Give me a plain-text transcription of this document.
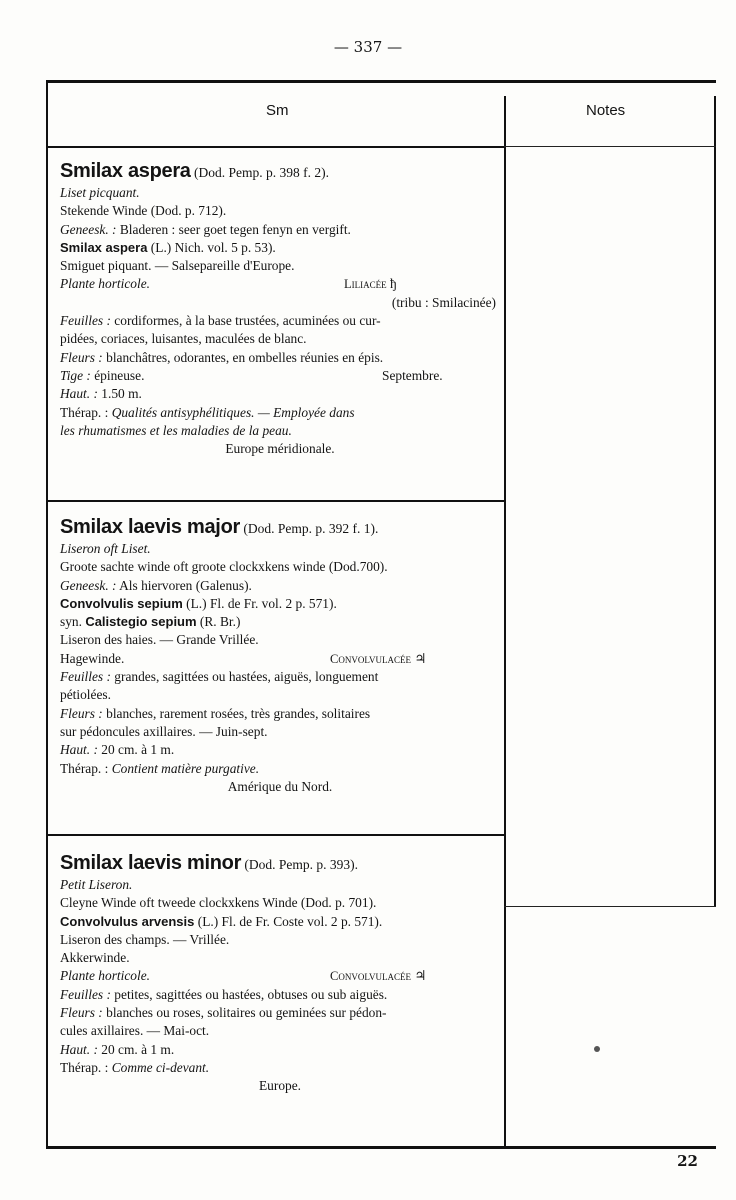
— 337 —
Sm	Notes
Smilax aspera (Dod. Pemp. p. 398 f. 2).
Liset picquant.
Stekende Winde (Dod. p. 712).
Geneesk. : Bladeren : seer goet tegen fenyn en vergift.
Smilax aspera (L.) Nich. vol. 5 p. 53).
Smiguet piquant. — Salsepareille d'Europe.
Plante horticole.	Liliacée ђ
(tribu : Smilacinée)
Feuilles : cordiformes, à la base trustées, acuminées ou cur-
pidées, coriaces, luisantes, maculées de blanc.
Fleurs : blanchâtres, odorantes, en ombelles réunies en épis.
Tige : épineuse.	Septembre.
Haut. : 1.50 m.
Thérap. : Qualités antisyphélitiques. — Employée dans
les rhumatismes et les maladies de la peau.
Europe méridionale.
Smilax laevis major (Dod. Pemp. p. 392 f. 1).
Liseron oft Liset.
Groote sachte winde oft groote clockxkens winde (Dod.700).
Geneesk. : Als hiervoren (Galenus).
Convolvulis sepium (L.) Fl. de Fr. vol. 2 p. 571).
syn. Calistegio sepium (R. Br.)
Liseron des haies. — Grande Vrillée.
Hagewinde.	Convolvulacée ♃
Feuilles : grandes, sagittées ou hastées, aiguës, longuement
pétiolées.
Fleurs : blanches, rarement rosées, très grandes, solitaires
sur pédoncules axillaires. — Juin-sept.
Haut. : 20 cm. à 1 m.
Thérap. : Contient matière purgative.
Amérique du Nord.
Smilax laevis minor (Dod. Pemp. p. 393).
Petit Liseron.
Cleyne Winde oft tweede clockxkens Winde (Dod. p. 701).
Convolvulus arvensis (L.) Fl. de Fr. Coste vol. 2 p. 571).
Liseron des champs. — Vrillée.
Akkerwinde.
Plante horticole.	Convolvulacée ♃
Feuilles : petites, sagittées ou hastées, obtuses ou sub aiguës.
Fleurs : blanches ou roses, solitaires ou geminées sur pédon-
cules axillaires. — Mai-oct.
Haut. : 20 cm. à 1 m.
Thérap. : Comme ci-devant.
Europe.
22
